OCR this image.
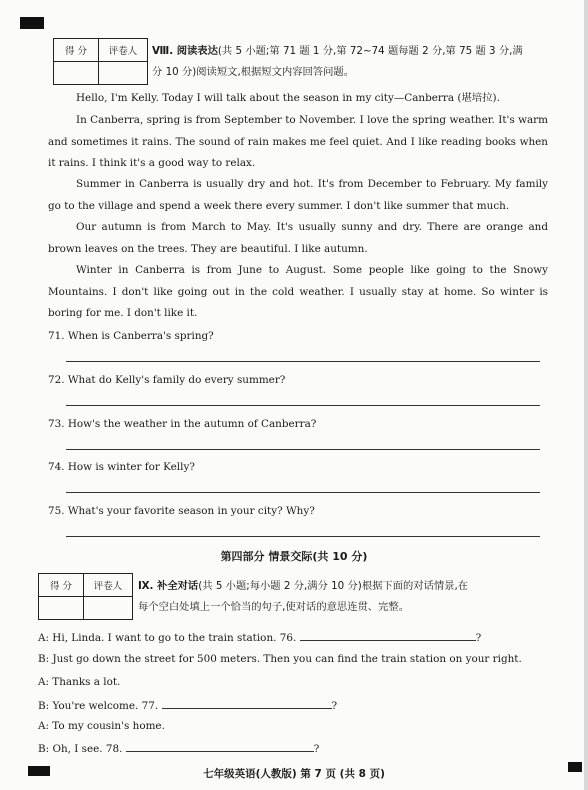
得 分	评卷人
	Ⅷ. 阅读表达(共 5 小题;第 71 题 1 分,第 72~74 题每题 2 分,第 75 题 3 分,满
分 10 分)阅读短文,根据短文内容回答问题。
Hello, I'm Kelly. Today I will talk about the season in my city—Canberra (堪培拉).
In Canberra, spring is from September to November. I love the spring weather. It's warm and sometimes it rains. The sound of rain makes me feel quiet. And I like reading books when it rains. I think it's a good way to relax.
Summer in Canberra is usually dry and hot. It's from December to February. My family go to the village and spend a week there every summer. I don't like summer that much.
Our autumn is from March to May. It's usually sunny and dry. There are orange and brown leaves on the trees. They are beautiful. I like autumn.
Winter in Canberra is from June to August. Some people like going to the Snowy Mountains. I don't like going out in the cold weather. I usually stay at home. So winter is boring for me. I don't like it.
71. When is Canberra's spring?
72. What do Kelly's family do every summer?
73. How's the weather in the autumn of Canberra?
74. How is winter for Kelly?
75. What's your favorite season in your city? Why?
第四部分 情景交际(共 10 分)
得 分	评卷人
	Ⅸ. 补全对话(共 5 小题;每小题 2 分,满分 10 分)根据下面的对话情景,在
每个空白处填上一个恰当的句子,使对话的意思连贯、完整。
A: Hi, Linda. I want to go to the train station. 76.	?
B: Just go down the street for 500 meters. Then you can find the train station on your right.
A: Thanks a lot.
B: You're welcome. 77.	?
A: To my cousin's home.
B: Oh, I see. 78.	?
七年级英语(人教版) 第 7 页 (共 8 页)
